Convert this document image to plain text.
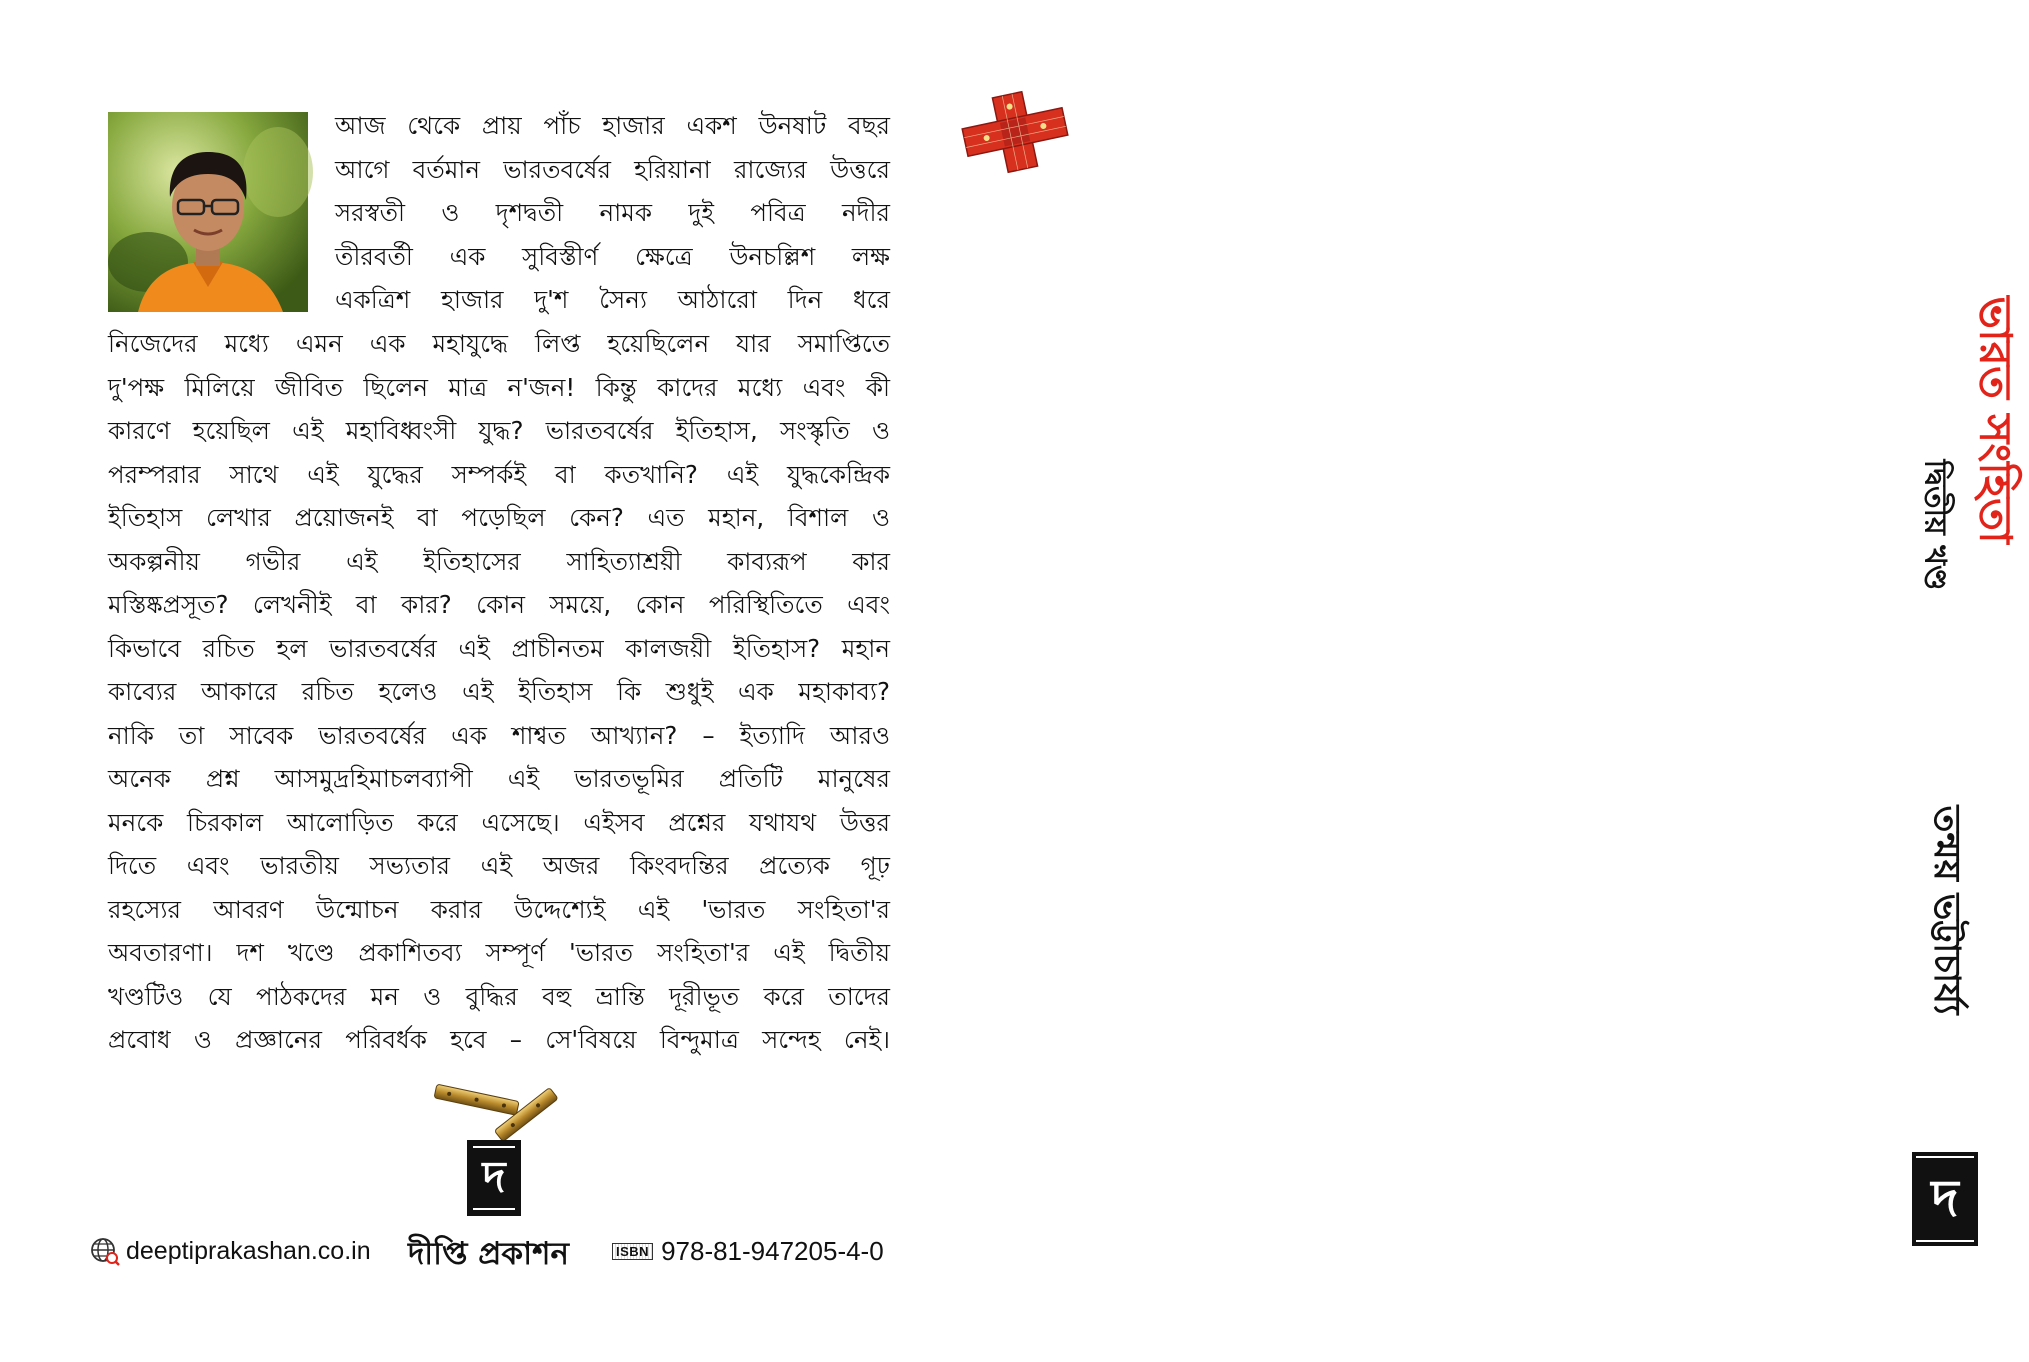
আজ থেকে প্রায় পাঁচ হাজার একশ উনষাট বছর
আগে বর্তমান ভারতবর্ষের হরিয়ানা রাজ্যের উত্তরে
সরস্বতী ও দৃশদ্বতী নামক দুই পবিত্র নদীর
তীরবর্তী এক সুবিস্তীর্ণ ক্ষেত্রে উনচল্লিশ লক্ষ
একত্রিশ হাজার দু'শ সৈন্য আঠারো দিন ধরে
নিজেদের মধ্যে এমন এক মহাযুদ্ধে লিপ্ত হয়েছিলেন যার সমাপ্তিতে
দু'পক্ষ মিলিয়ে জীবিত ছিলেন মাত্র ন'জন! কিন্তু কাদের মধ্যে এবং কী
কারণে হয়েছিল এই মহাবিধ্বংসী যুদ্ধ? ভারতবর্ষের ইতিহাস, সংস্কৃতি ও
পরম্পরার সাথে এই যুদ্ধের সম্পর্কই বা কতখানি? এই যুদ্ধকেন্দ্রিক
ইতিহাস লেখার প্রয়োজনই বা পড়েছিল কেন? এত মহান, বিশাল ও
অকল্পনীয় গভীর এই ইতিহাসের সাহিত্যাশ্রয়ী কাব্যরূপ কার
মস্তিষ্কপ্রসূত? লেখনীই বা কার? কোন সময়ে, কোন পরিস্থিতিতে এবং
কিভাবে রচিত হল ভারতবর্ষের এই প্রাচীনতম কালজয়ী ইতিহাস? মহান
কাব্যের আকারে রচিত হলেও এই ইতিহাস কি শুধুই এক মহাকাব্য?
নাকি তা সাবেক ভারতবর্ষের এক শাশ্বত আখ্যান? – ইত্যাদি আরও
অনেক প্রশ্ন আসমুদ্রহিমাচলব্যাপী এই ভারতভূমির প্রতিটি মানুষের
মনকে চিরকাল আলোড়িত করে এসেছে। এইসব প্রশ্নের যথাযথ উত্তর
দিতে এবং ভারতীয় সভ্যতার এই অজর কিংবদন্তির প্রত্যেক গূঢ়
রহস্যের আবরণ উন্মোচন করার উদ্দেশ্যেই এই 'ভারত সংহিতা'র
অবতারণা। দশ খণ্ডে প্রকাশিতব্য সম্পূর্ণ 'ভারত সংহিতা'র এই দ্বিতীয়
খণ্ডটিও যে পাঠকদের মন ও বুদ্ধির বহু ভ্রান্তি দূরীভূত করে তাদের
প্রবোধ ও প্রজ্ঞানের পরিবর্ধক হবে – সে'বিষয়ে বিন্দুমাত্র সন্দেহ নেই।
দ
deeptiprakashan.co.in দীপ্তি প্রকাশন	ISBN 978-81-947205-4-0
ভারত সংহিতা
দ্বিতীয় খণ্ড
তন্ময় ভট্টাচার্য্য
দ
